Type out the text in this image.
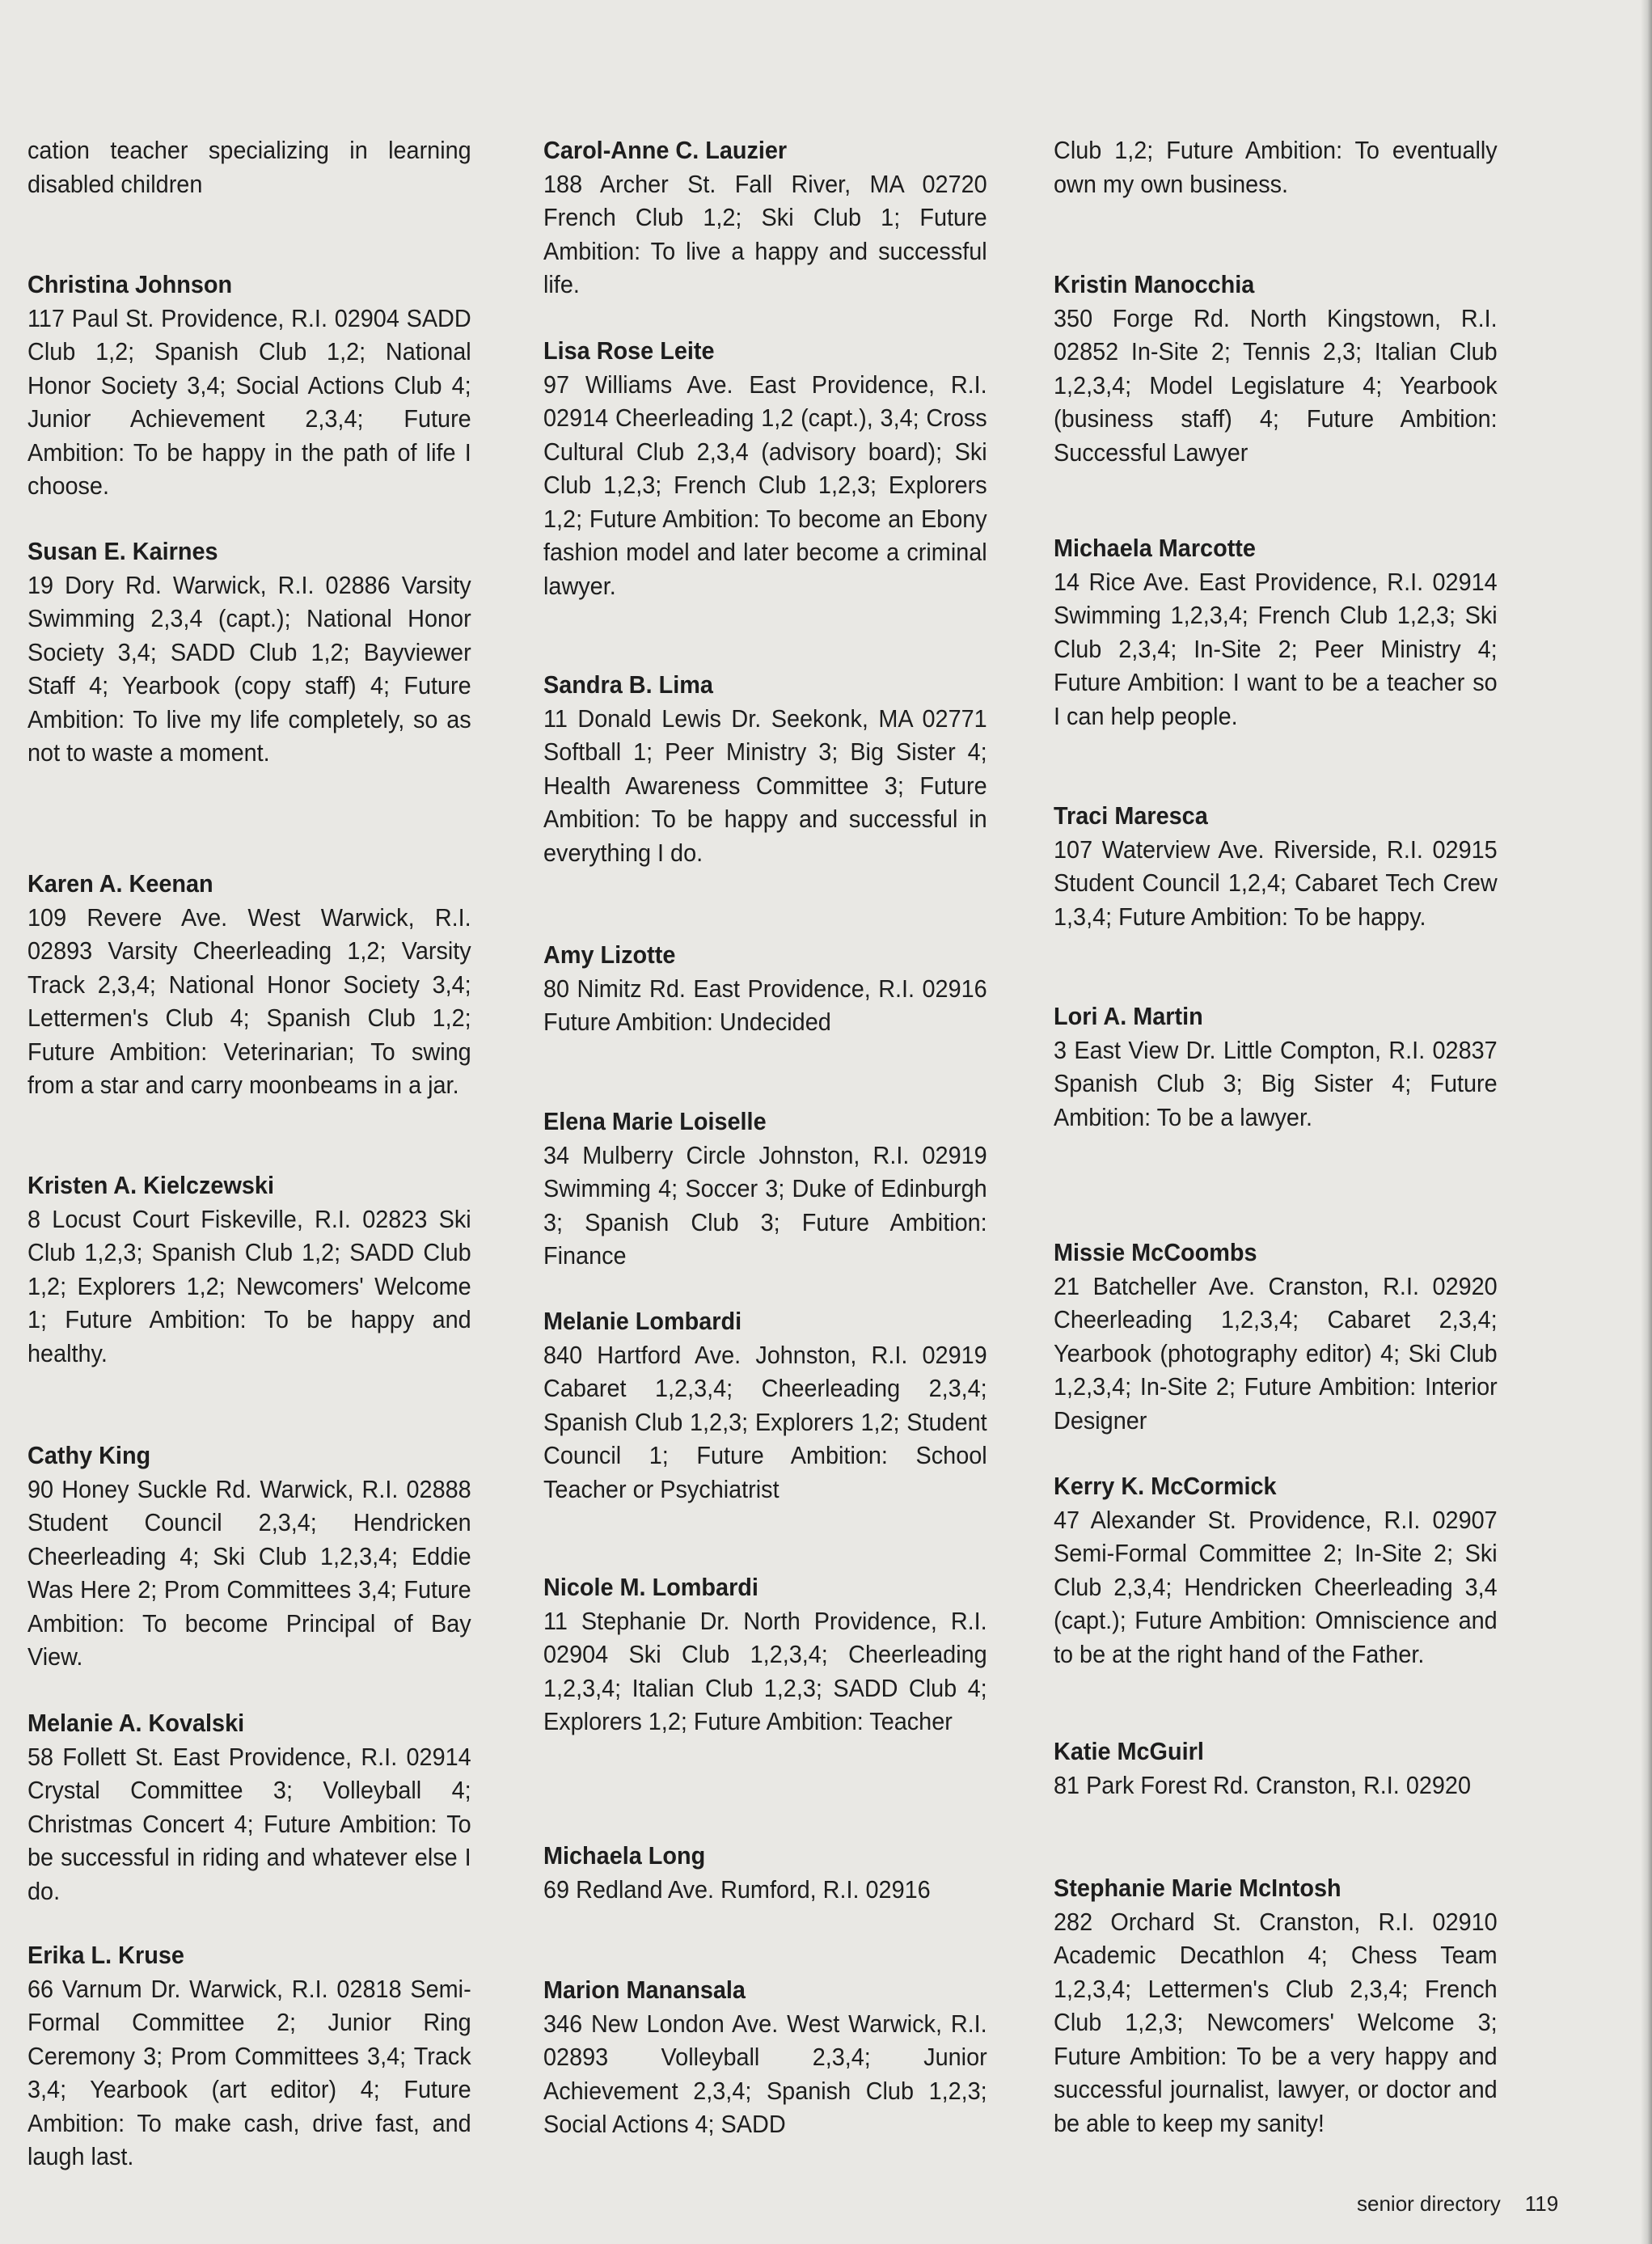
cation teacher specializing in learning disabled children
Christina Johnson
117 Paul St. Providence, R.I. 02904 SADD Club 1,2; Spanish Club 1,2; National Honor Society 3,4; Social Actions Club 4; Junior Achievement 2,3,4; Future Ambition: To be happy in the path of life I choose.
Susan E. Kairnes
19 Dory Rd. Warwick, R.I. 02886 Varsity Swimming 2,3,4 (capt.); National Honor Society 3,4; SADD Club 1,2; Bayviewer Staff 4; Yearbook (copy staff) 4; Future Ambition: To live my life completely, so as not to waste a moment.
Karen A. Keenan
109 Revere Ave. West Warwick, R.I. 02893 Varsity Cheerleading 1,2; Varsity Track 2,3,4; National Honor Society 3,4; Lettermen's Club 4; Spanish Club 1,2; Future Ambition: Veterinarian; To swing from a star and carry moonbeams in a jar.
Kristen A. Kielczewski
8 Locust Court Fiskeville, R.I. 02823 Ski Club 1,2,3; Spanish Club 1,2; SADD Club 1,2; Explorers 1,2; Newcomers' Welcome 1; Future Ambition: To be happy and healthy.
Cathy King
90 Honey Suckle Rd. Warwick, R.I. 02888 Student Council 2,3,4; Hendricken Cheerleading 4; Ski Club 1,2,3,4; Eddie Was Here 2; Prom Committees 3,4; Future Ambition: To become Principal of Bay View.
Melanie A. Kovalski
58 Follett St. East Providence, R.I. 02914 Crystal Committee 3; Volleyball 4; Christmas Concert 4; Future Ambition: To be successful in riding and whatever else I do.
Erika L. Kruse
66 Varnum Dr. Warwick, R.I. 02818 Semi-Formal Committee 2; Junior Ring Ceremony 3; Prom Committees 3,4; Track 3,4; Yearbook (art editor) 4; Future Ambition: To make cash, drive fast, and laugh last.
Carol-Anne C. Lauzier
188 Archer St. Fall River, MA 02720 French Club 1,2; Ski Club 1; Future Ambition: To live a happy and successful life.
Lisa Rose Leite
97 Williams Ave. East Providence, R.I. 02914 Cheerleading 1,2 (capt.), 3,4; Cross Cultural Club 2,3,4 (advisory board); Ski Club 1,2,3; French Club 1,2,3; Explorers 1,2; Future Ambition: To become an Ebony fashion model and later become a criminal lawyer.
Sandra B. Lima
11 Donald Lewis Dr. Seekonk, MA 02771 Softball 1; Peer Ministry 3; Big Sister 4; Health Awareness Committee 3; Future Ambition: To be happy and successful in everything I do.
Amy Lizotte
80 Nimitz Rd. East Providence, R.I. 02916 Future Ambition: Undecided
Elena Marie Loiselle
34 Mulberry Circle Johnston, R.I. 02919 Swimming 4; Soccer 3; Duke of Edinburgh 3; Spanish Club 3; Future Ambition: Finance
Melanie Lombardi
840 Hartford Ave. Johnston, R.I. 02919 Cabaret 1,2,3,4; Cheerleading 2,3,4; Spanish Club 1,2,3; Explorers 1,2; Student Council 1; Future Ambition: School Teacher or Psychiatrist
Nicole M. Lombardi
11 Stephanie Dr. North Providence, R.I. 02904 Ski Club 1,2,3,4; Cheerleading 1,2,3,4; Italian Club 1,2,3; SADD Club 4; Explorers 1,2; Future Ambition: Teacher
Michaela Long
69 Redland Ave. Rumford, R.I. 02916
Marion Manansala
346 New London Ave. West Warwick, R.I. 02893 Volleyball 2,3,4; Junior Achievement 2,3,4; Spanish Club 1,2,3; Social Actions 4; SADD
Club 1,2; Future Ambition: To eventually own my own business.
Kristin Manocchia
350 Forge Rd. North Kingstown, R.I. 02852 In-Site 2; Tennis 2,3; Italian Club 1,2,3,4; Model Legislature 4; Yearbook (business staff) 4; Future Ambition: Successful Lawyer
Michaela Marcotte
14 Rice Ave. East Providence, R.I. 02914 Swimming 1,2,3,4; French Club 1,2,3; Ski Club 2,3,4; In-Site 2; Peer Ministry 4; Future Ambition: I want to be a teacher so I can help people.
Traci Maresca
107 Waterview Ave. Riverside, R.I. 02915 Student Council 1,2,4; Cabaret Tech Crew 1,3,4; Future Ambition: To be happy.
Lori A. Martin
3 East View Dr. Little Compton, R.I. 02837 Spanish Club 3; Big Sister 4; Future Ambition: To be a lawyer.
Missie McCoombs
21 Batcheller Ave. Cranston, R.I. 02920 Cheerleading 1,2,3,4; Cabaret 2,3,4; Yearbook (photography editor) 4; Ski Club 1,2,3,4; In-Site 2; Future Ambition: Interior Designer
Kerry K. McCormick
47 Alexander St. Providence, R.I. 02907 Semi-Formal Committee 2; In-Site 2; Ski Club 2,3,4; Hendricken Cheerleading 3,4 (capt.); Future Ambition: Omniscience and to be at the right hand of the Father.
Katie McGuirl
81 Park Forest Rd. Cranston, R.I. 02920
Stephanie Marie McIntosh
282 Orchard St. Cranston, R.I. 02910 Academic Decathlon 4; Chess Team 1,2,3,4; Lettermen's Club 2,3,4; French Club 1,2,3; Newcomers' Welcome 3; Future Ambition: To be a very happy and successful journalist, lawyer, or doctor and be able to keep my sanity!
senior directory 119
